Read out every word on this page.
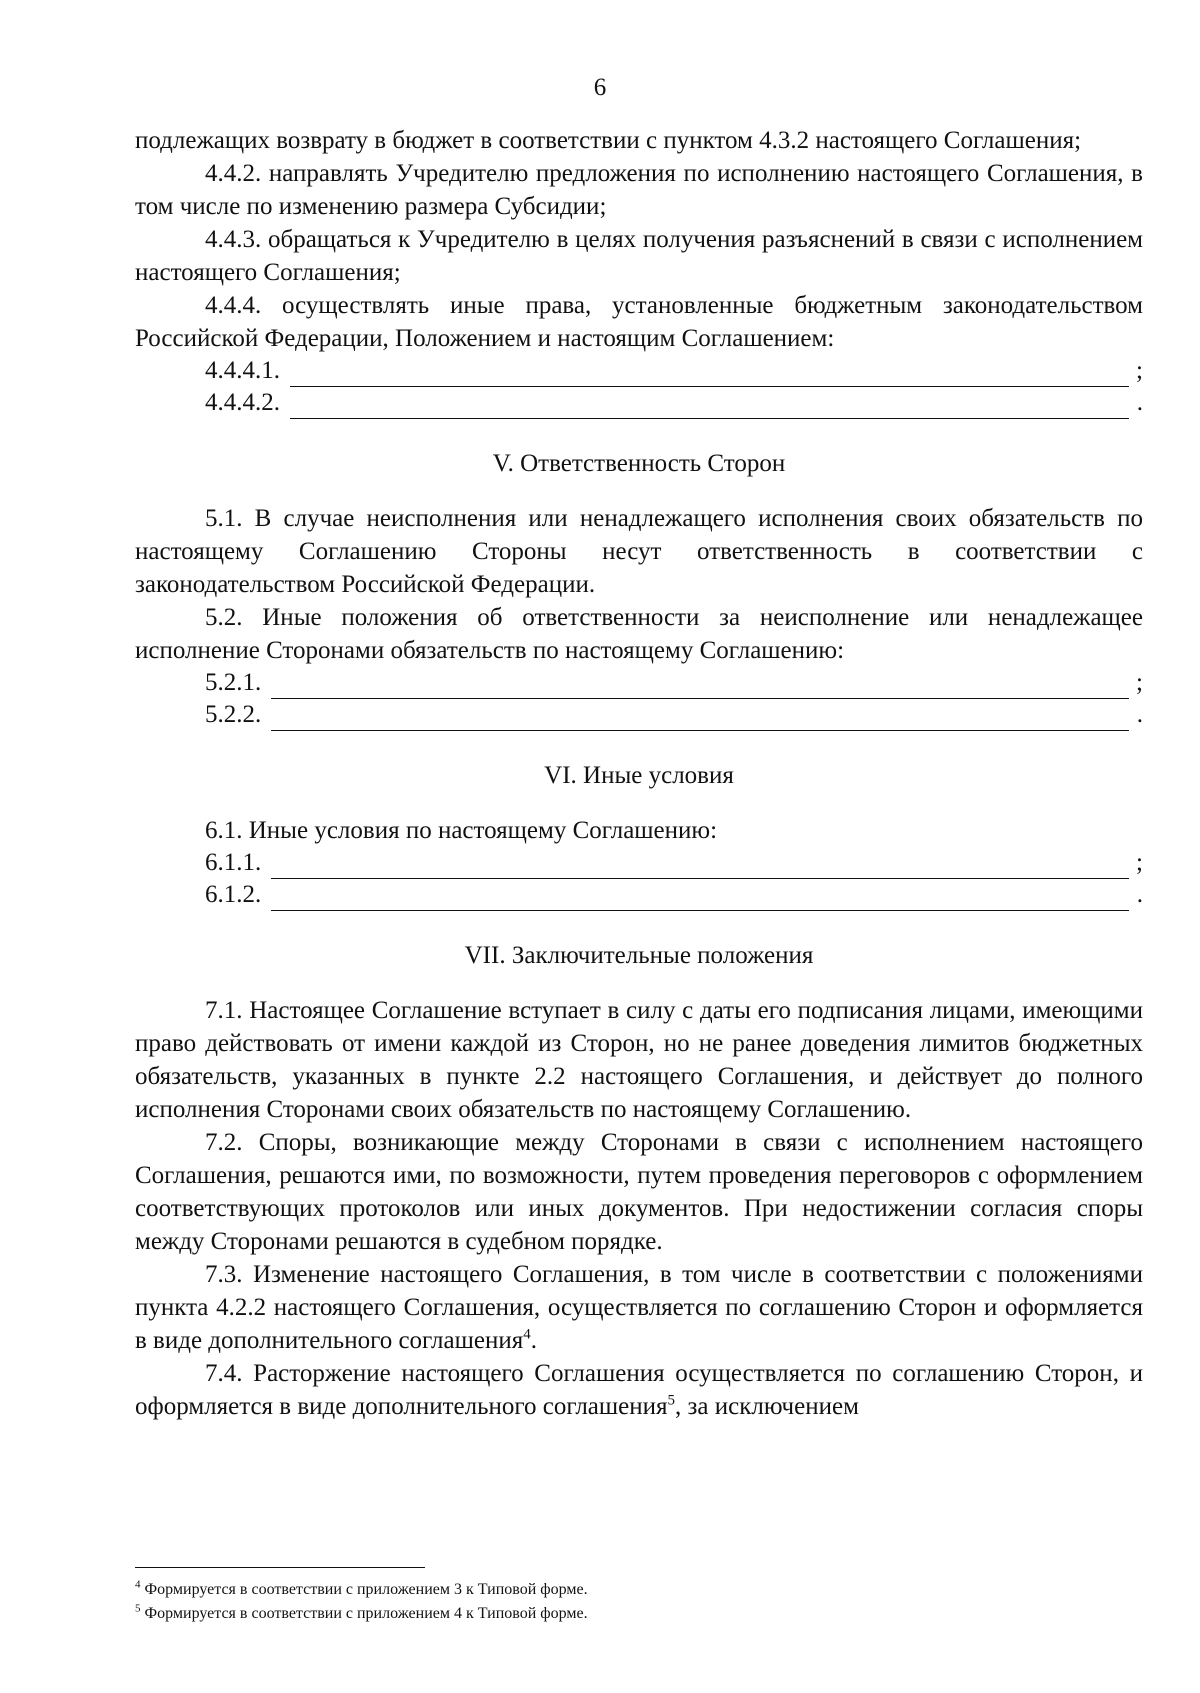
6

подлежащих возврату в бюджет в соответствии с пунктом 4.3.2 настоящего Соглашения;

4.4.2. направлять Учредителю предложения по исполнению настоящего Соглашения, в том числе по изменению размера Субсидии;

4.4.3. обращаться к Учредителю в целях получения разъяснений в связи с исполнением настоящего Соглашения;

4.4.4. осуществлять иные права, установленные бюджетным законодательством Российской Федерации, Положением и настоящим Соглашением:

4.4.4.1.	;
4.4.4.2.	.
V. Ответственность Сторон

5.1. В случае неисполнения или ненадлежащего исполнения своих обязательств по настоящему Соглашению Стороны несут ответственность в соответствии с законодательством Российской Федерации.

5.2. Иные положения об ответственности за неисполнение или ненадлежащее исполнение Сторонами обязательств по настоящему Соглашению:

5.2.1.	;
5.2.2.	.
VI. Иные условия

6.1. Иные условия по настоящему Соглашению:

6.1.1.	;
6.1.2.	.
VII. Заключительные положения

7.1. Настоящее Соглашение вступает в силу с даты его подписания лицами, имеющими право действовать от имени каждой из Сторон, но не ранее доведения лимитов бюджетных обязательств, указанных в пункте 2.2 настоящего Соглашения, и действует до полного исполнения Сторонами своих обязательств по настоящему Соглашению.

7.2. Споры, возникающие между Сторонами в связи с исполнением настоящего Соглашения, решаются ими, по возможности, путем проведения переговоров с оформлением соответствующих протоколов или иных документов. При недостижении согласия споры между Сторонами решаются в судебном порядке.

7.3. Изменение настоящего Соглашения, в том числе в соответствии с положениями пункта 4.2.2 настоящего Соглашения, осуществляется по соглашению Сторон и оформляется в виде дополнительного соглашения$^4$.

7.4. Расторжение настоящего Соглашения осуществляется по соглашению Сторон, и оформляется в виде дополнительного соглашения$^5$, за исключением

$^4$ Формируется в соответствии с приложением 3 к Типовой форме.
$^5$ Формируется в соответствии с приложением 4 к Типовой форме.
